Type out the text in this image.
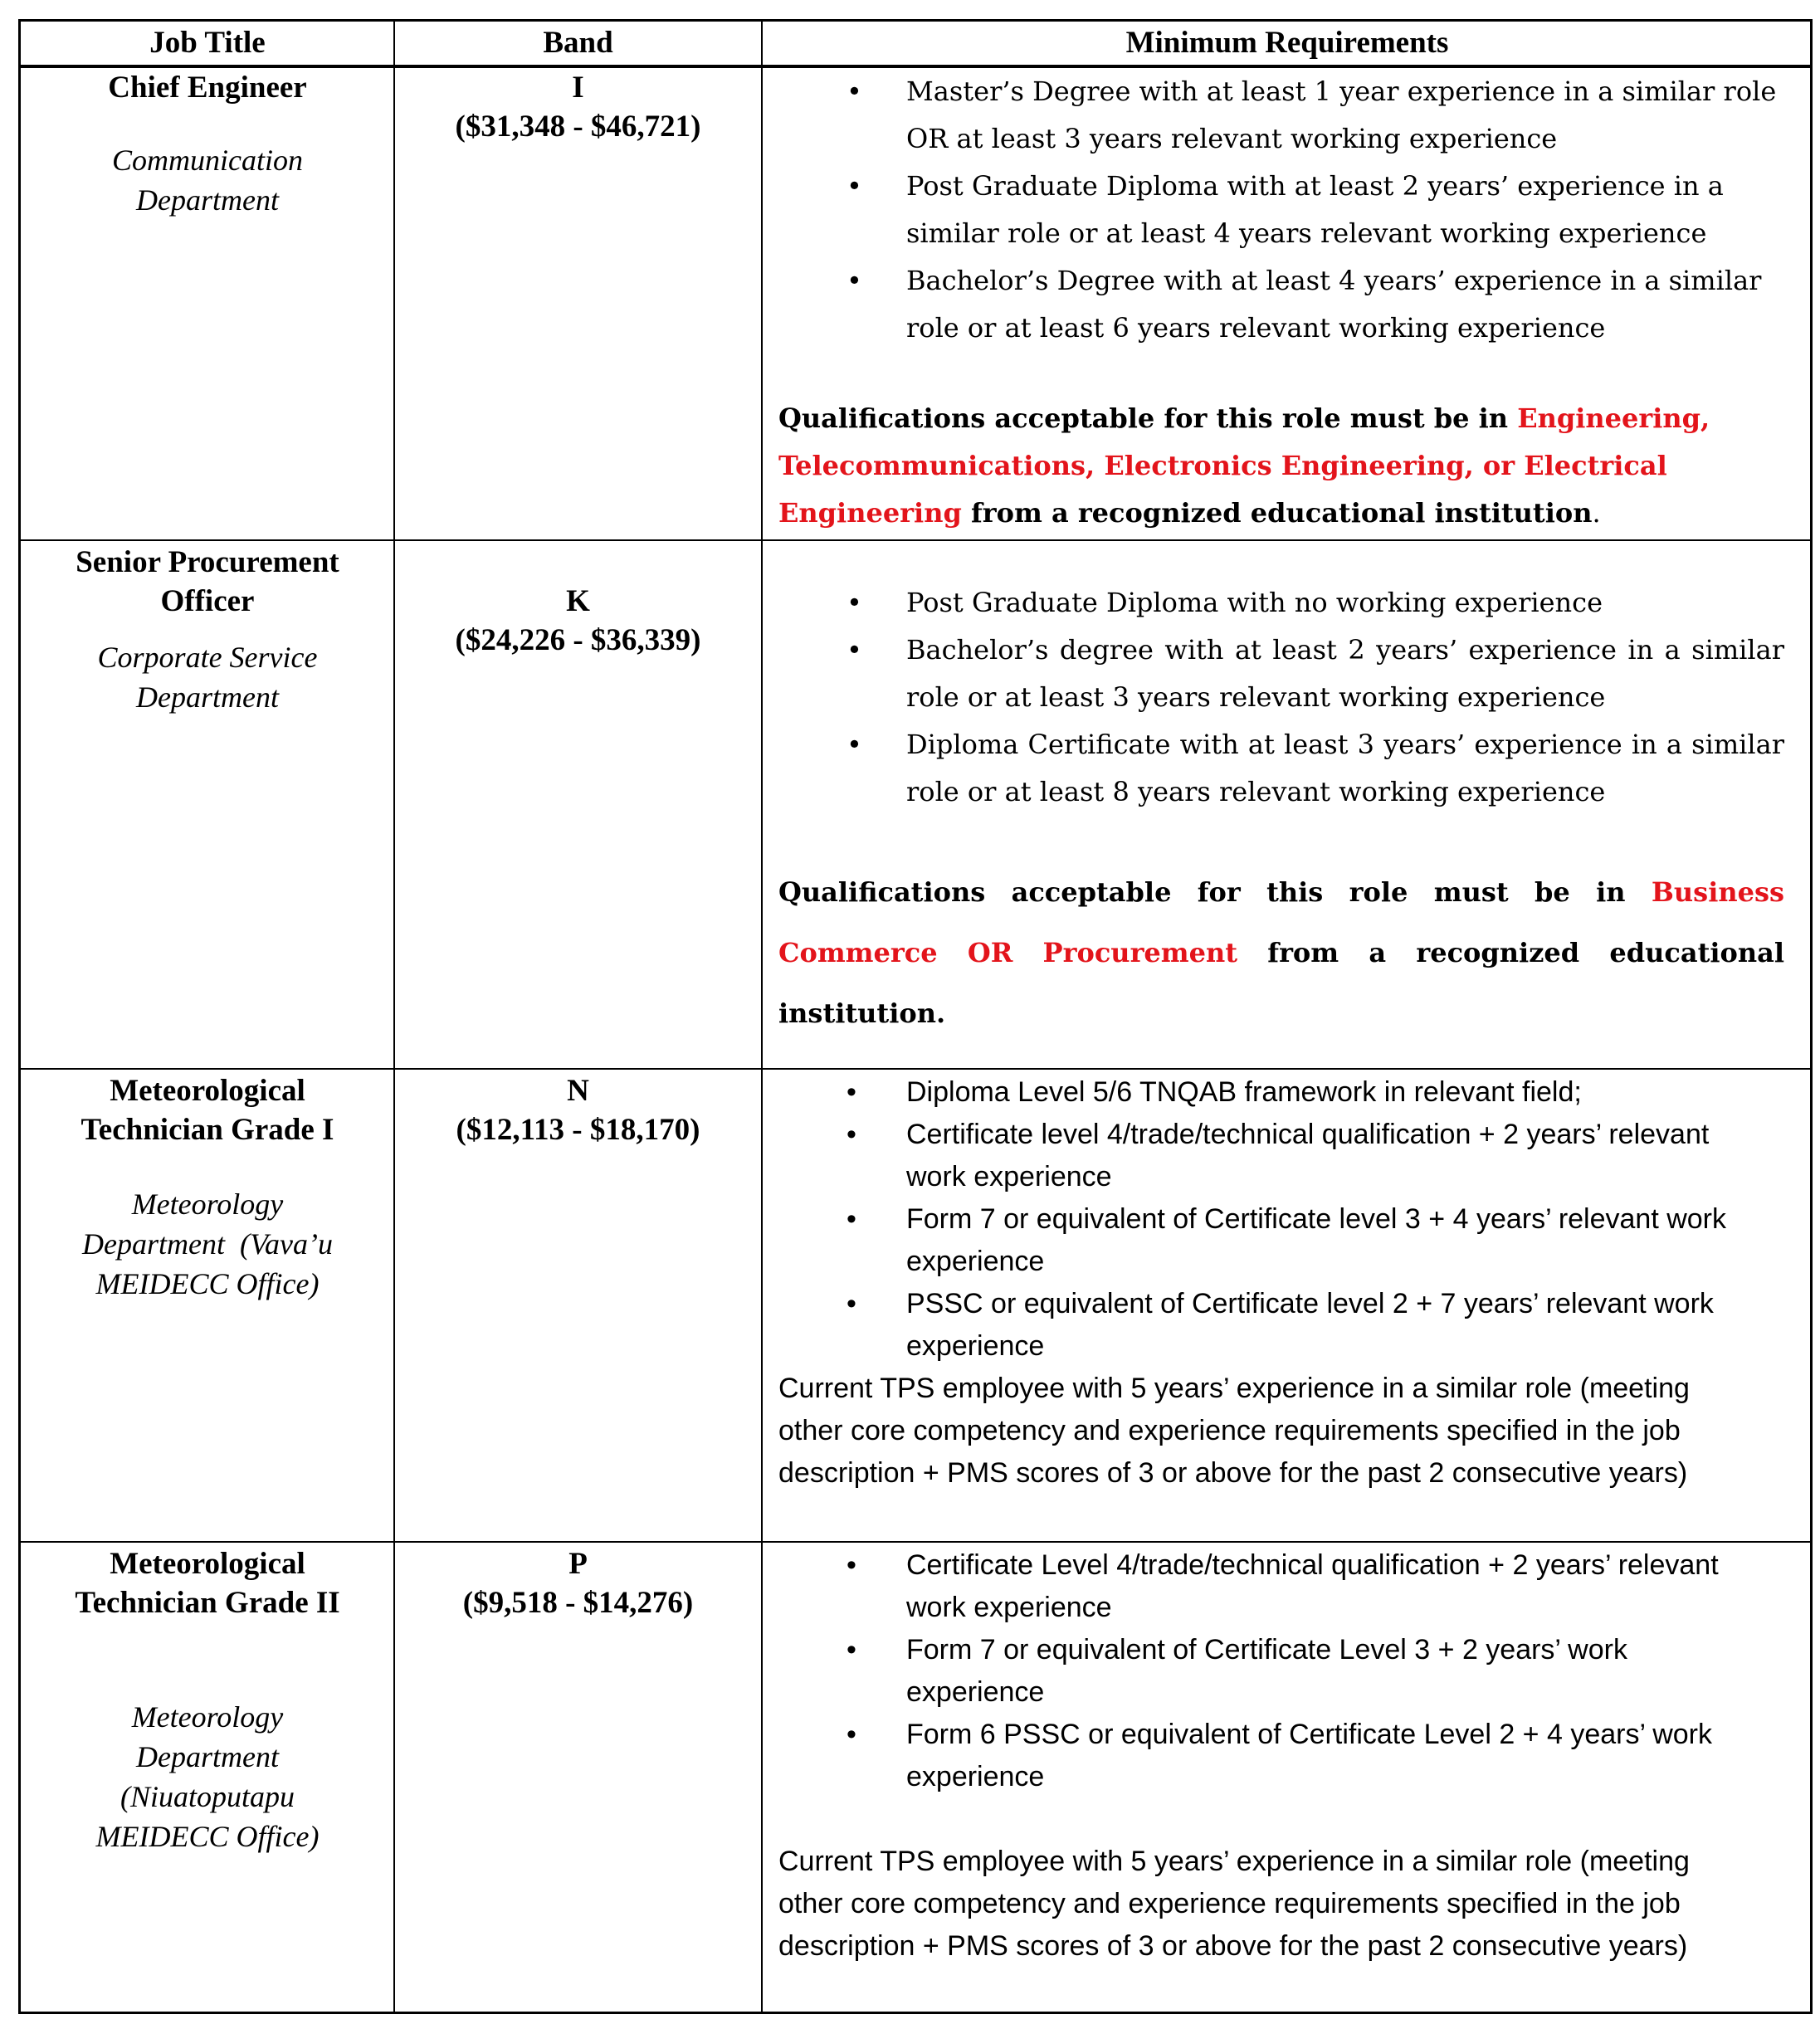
Job Title	Band	Minimum Requirements
Chief Engineer
Communication
Department
I
($31,348 - $46,721)
• Master’s Degree with at least 1 year experience in a similar role OR at least 3 years relevant working experience
• Post Graduate Diploma with at least 2 years’ experience in a similar role or at least 4 years relevant working experience
• Bachelor’s Degree with at least 4 years’ experience in a similar role or at least 6 years relevant working experience
Qualifications acceptable for this role must be in Engineering, Telecommunications, Electronics Engineering, or Electrical Engineering from a recognized educational institution.
Senior Procurement
Officer
Corporate Service
Department
K
($24,226 - $36,339)
• Post Graduate Diploma with no working experience
• Bachelor’s degree with at least 2 years’ experience in a similar role or at least 3 years relevant working experience
• Diploma Certificate with at least 3 years’ experience in a similar role or at least 8 years relevant working experience
Qualifications acceptable for this role must be in Business Commerce OR Procurement from a recognized educational institution.
Meteorological
Technician Grade I
Meteorology
Department  (Vava’u
MEIDECC Office)
N
($12,113 - $18,170)
• Diploma Level 5/6 TNQAB framework in relevant field;
• Certificate level 4/trade/technical qualification + 2 years’ relevant work experience
• Form 7 or equivalent of Certificate level 3 + 4 years’ relevant work experience
• PSSC or equivalent of Certificate level 2 + 7 years’ relevant work experience
Current TPS employee with 5 years’ experience in a similar role (meeting other core competency and experience requirements specified in the job description + PMS scores of 3 or above for the past 2 consecutive years)
Meteorological
Technician Grade II
Meteorology
Department
(Niuatoputapu
MEIDECC Office)
P
($9,518 - $14,276)
• Certificate Level 4/trade/technical qualification + 2 years’ relevant work experience
• Form 7 or equivalent of Certificate Level 3 + 2 years’ work experience
• Form 6 PSSC or equivalent of Certificate Level 2 + 4 years’ work experience
Current TPS employee with 5 years’ experience in a similar role (meeting other core competency and experience requirements specified in the job description + PMS scores of 3 or above for the past 2 consecutive years)
